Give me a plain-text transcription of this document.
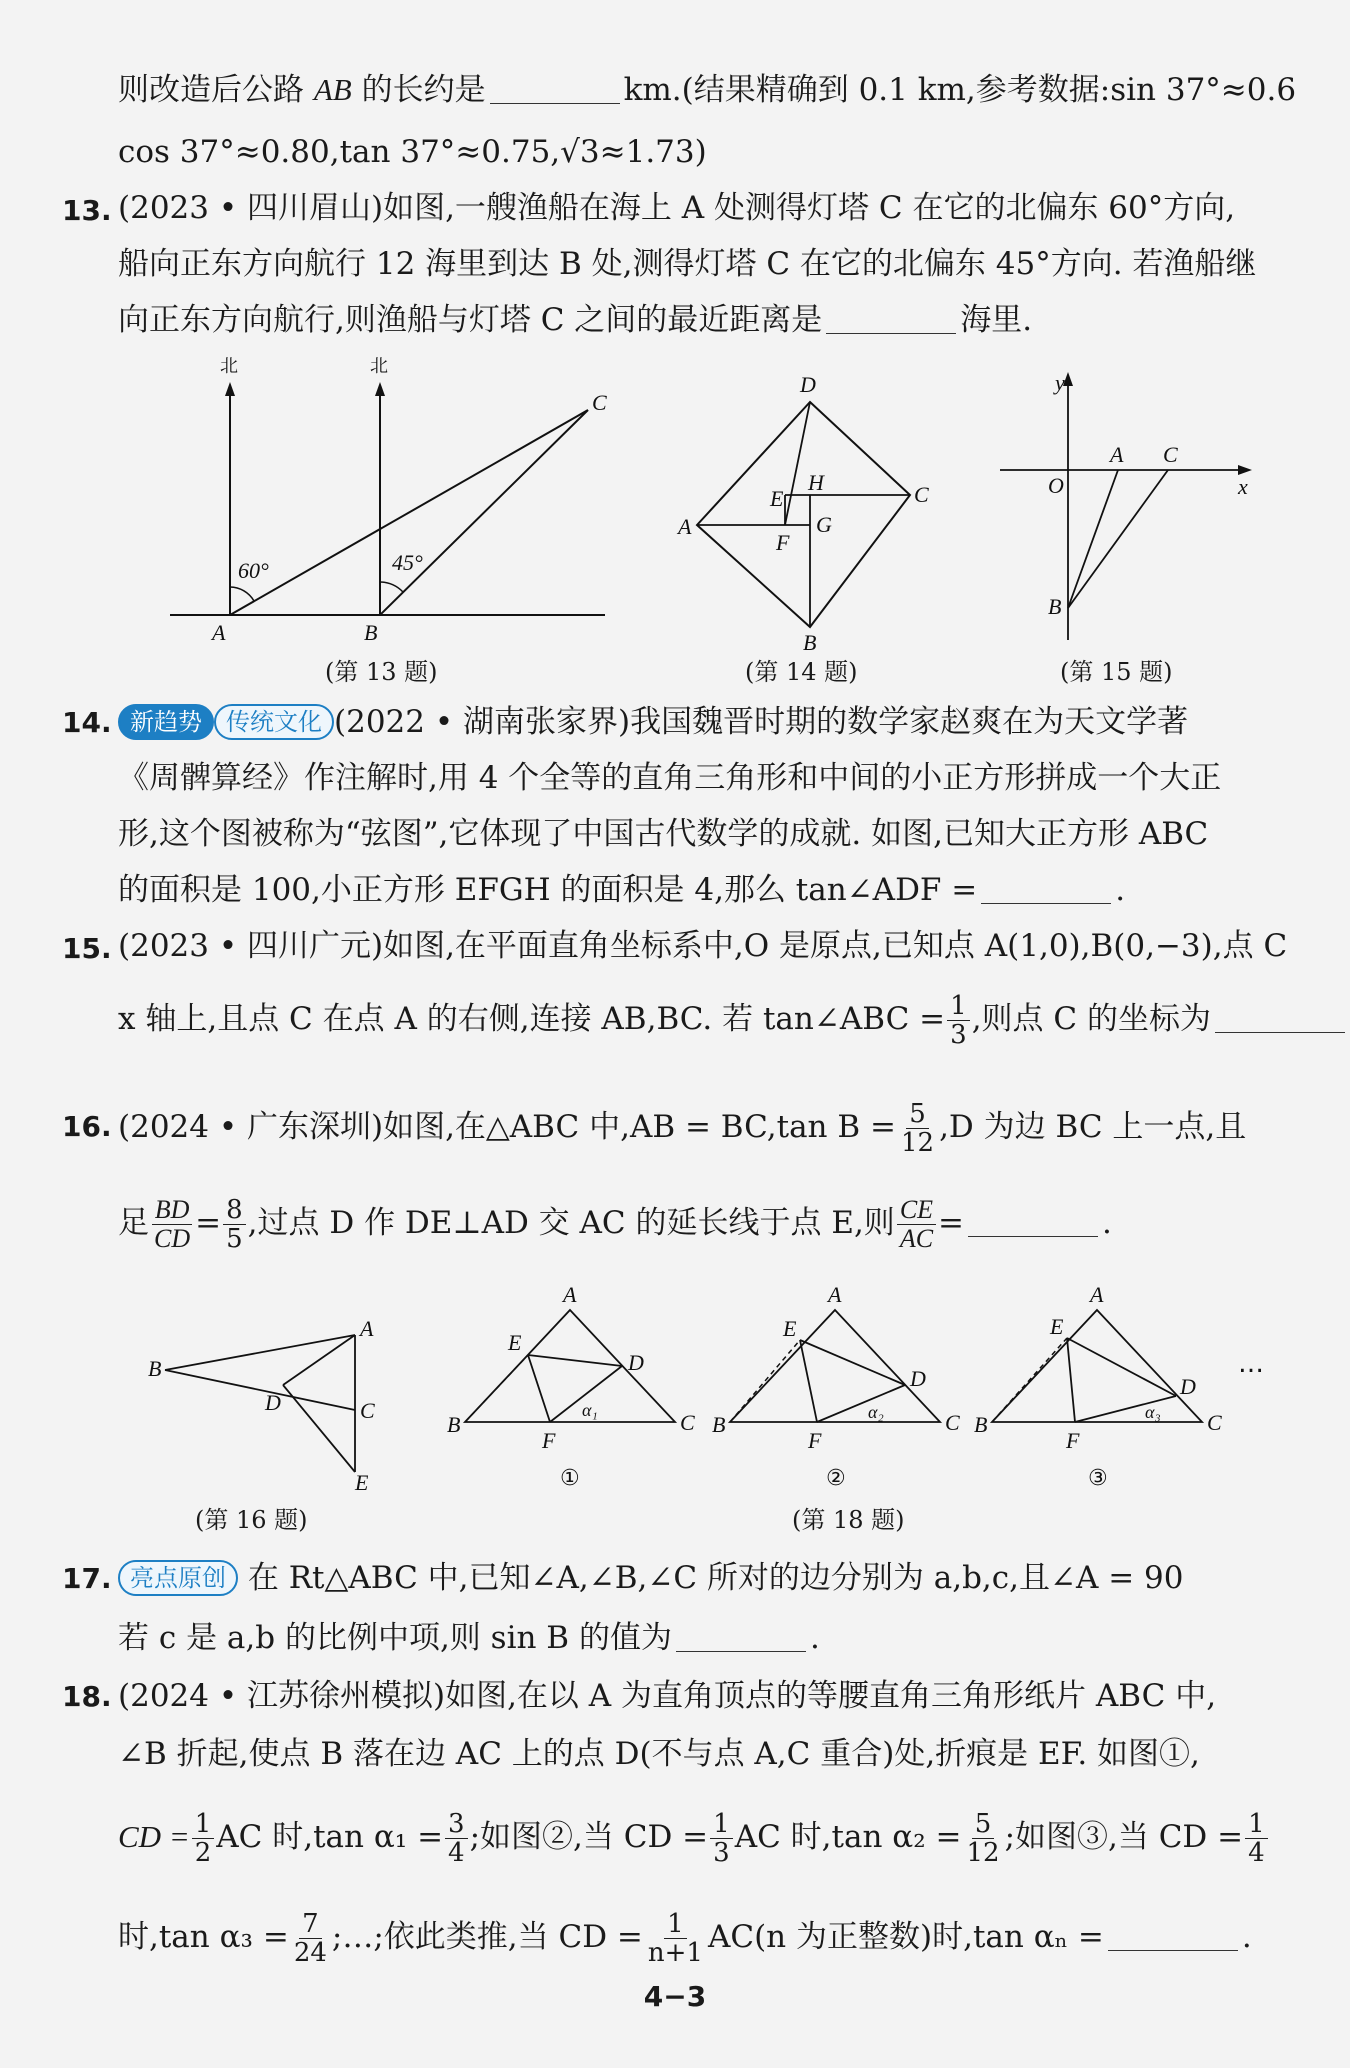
则改造后公路 AB 的长约是	km.(结果精确到 0.1 km,参考数据:sin 37°≈0.6
cos 37°≈0.80,tan 37°≈0.75,√3≈1.73)
13. (2023 • 四川眉山)如图,一艘渔船在海上 A 处测得灯塔 C 在它的北偏东 60°方向,
船向正东方向航行 12 海里到达 B 处,测得灯塔 C 在它的北偏东 45°方向. 若渔船继
向正东方向航行,则渔船与灯塔 C 之间的最近距离是	海里.
北	北
60°	45°
A	B
C
D
C
B
A
E
H
G
F
y
x
O
A C
B
(第 13 题)	(第 14 题)	(第 15 题)
14. 新趋势 传统文化 (2022 • 湖南张家界)我国魏晋时期的数学家赵爽在为天文学著
《周髀算经》作注解时,用 4 个全等的直角三角形和中间的小正方形拼成一个大正
形,这个图被称为“弦图”,它体现了中国古代数学的成就. 如图,已知大正方形 ABC
的面积是 100,小正方形 EFGH 的面积是 4,那么 tan∠ADF =	.
15. (2023 • 四川广元)如图,在平面直角坐标系中,O 是原点,已知点 A(1,0),B(0,−3),点 C
x 轴上,且点 C 在点 A 的右侧,连接 AB,BC. 若 tan∠ABC = $\frac{1}{3}$ ,则点 C 的坐标为
16. (2024 • 广东深圳)如图,在△ABC 中,AB = BC,tan $B = \frac{5}{12} ,D$ 为边 BC 上一点,且
足 $\frac{BD}{CD} = \frac{8}{5}$ ,过点 D 作 DE⊥AD 交 AC 的延长线于点 E,则 $\frac{CE}{AC}$ =	.
A
B
C
D
E
A
B	C
D
E
F
α₁
①
A
B	C
D
E
F
α₂
②
A
B	C
D
E
F
α₃
③
…
(第 16 题)	(第 18 题)
17. 亮点原创 在 Rt△ABC 中,已知∠A,∠B,∠C 所对的边分别为 a,b,c,且∠A = 90
若 c 是 a,b 的比例中项,则 sin B 的值为	.
18. (2024 • 江苏徐州模拟)如图,在以 A 为直角顶点的等腰直角三角形纸片 ABC 中,
∠B 折起,使点 B 落在边 AC 上的点 D(不与点 A,C 重合)处,折痕是 EF. 如图①,
CD = $\frac{1}{2}$ AC 时,tan $\alpha_1 = \frac{3}{4}$ ;如图②,当 CD = $\frac{1}{3}$ AC 时,tan $\alpha_2 = \frac{5}{12}$ ;如图③,当 CD = $\frac{1}{4}$
时,tan $\alpha_3 = \frac{7}{24}$ ;…;依此类推,当 CD = $\frac{1}{n+1} AC(n$ 为正整数)时,tan αₙ =	.
4−3
